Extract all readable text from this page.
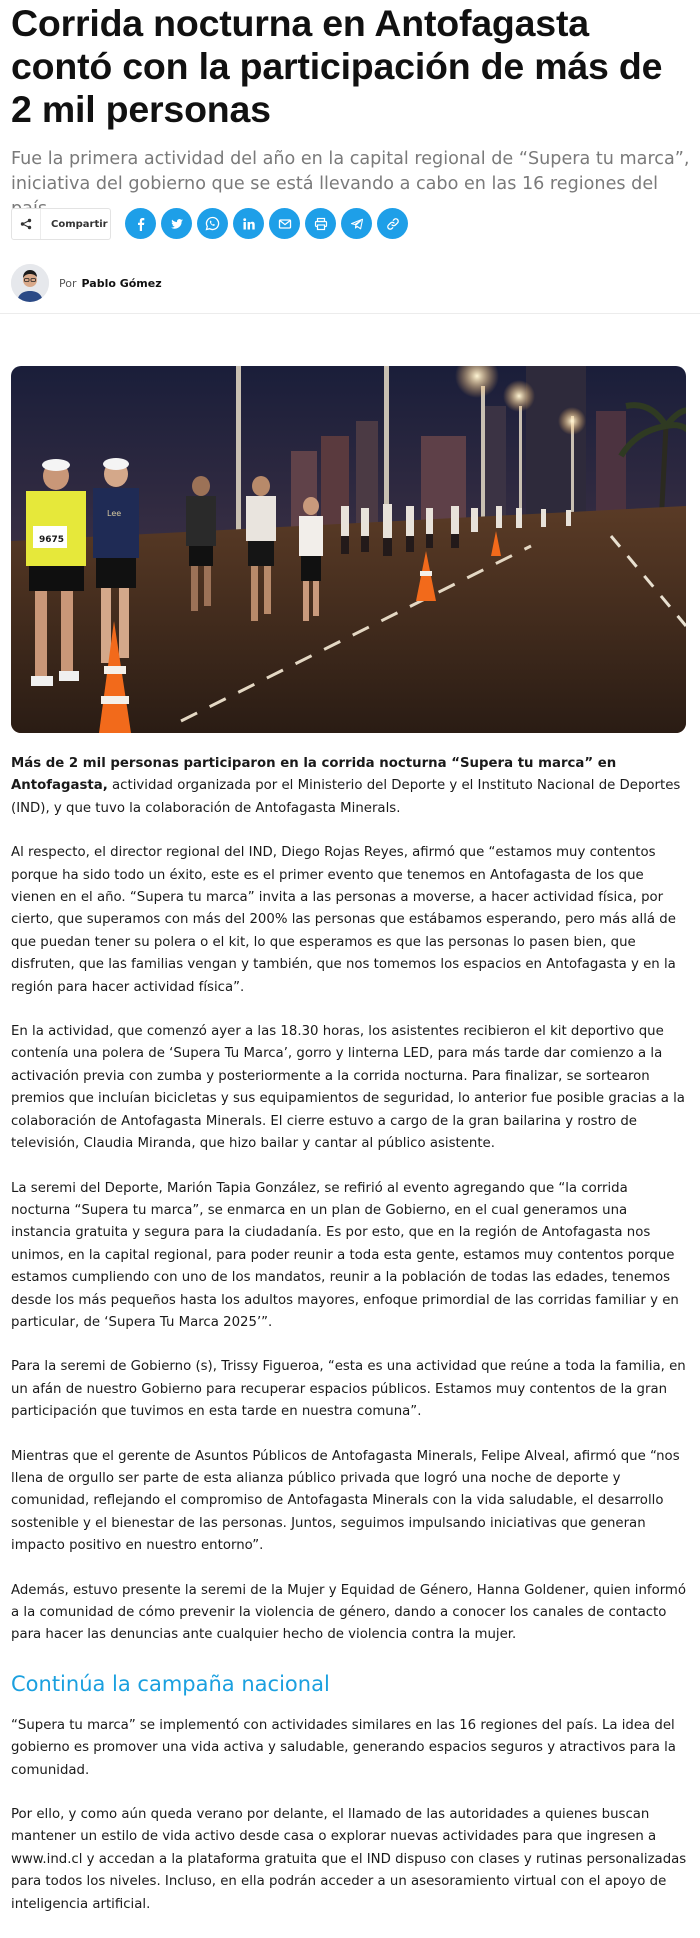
Corrida nocturna en Antofagasta contó con la participación de más de 2 mil personas

Fue la primera actividad del año en la capital regional de “Supera tu marca”, iniciativa del gobierno que se está llevando a cabo en las 16 regiones del

Compartir
Por Pablo Gómez
9675
Lee

Más de 2 mil personas participaron en la corrida nocturna “Supera tu marca” en Antofagasta, actividad organizada por el Ministerio del Deporte y el Instituto Nacional de Deportes (IND), y que tuvo la colaboración de Antofagasta Minerals.

Al respecto, el director regional del IND, Diego Rojas Reyes, afirmó que “estamos muy contentos porque ha sido todo un éxito, este es el primer evento que tenemos en Antofagasta de los que vienen en el año. “Supera tu marca” invita a las personas a moverse, a hacer actividad física, por cierto, que superamos con más del 200% las personas que estábamos esperando, pero más allá de que puedan tener su polera o el kit, lo que esperamos es que las personas lo pasen bien, que disfruten, que las familias vengan y también, que nos tomemos los espacios en Antofagasta y en la región para hacer actividad física”.

En la actividad, que comenzó ayer a las 18.30 horas, los asistentes recibieron el kit deportivo que contenía una polera de ‘Supera Tu Marca’, gorro y linterna LED, para más tarde dar comienzo a la activación previa con zumba y posteriormente a la corrida nocturna. Para finalizar, se sortearon premios que incluían bicicletas y sus equipamientos de seguridad, lo anterior fue posible gracias a la colaboración de Antofagasta Minerals. El cierre estuvo a cargo de la gran bailarina y rostro de televisión, Claudia Miranda, que hizo bailar y cantar al público asistente.

La seremi del Deporte, Marión Tapia González, se refirió al evento agregando que “la corrida nocturna “Supera tu marca”, se enmarca en un plan de Gobierno, en el cual generamos una instancia gratuita y segura para la ciudadanía. Es por esto, que en la región de Antofagasta nos unimos, en la capital regional, para poder reunir a toda esta gente, estamos muy contentos porque estamos cumpliendo con uno de los mandatos, reunir a la población de todas las edades, tenemos desde los más pequeños hasta los adultos mayores, enfoque primordial de las corridas familiar y en particular, de ‘Supera Tu Marca 2025’”.

Para la seremi de Gobierno (s), Trissy Figueroa, “esta es una actividad que reúne a toda la familia, en un afán de nuestro Gobierno para recuperar espacios públicos. Estamos muy contentos de la gran participación que tuvimos en esta tarde en nuestra comuna”.

Mientras que el gerente de Asuntos Públicos de Antofagasta Minerals, Felipe Alveal, afirmó que “nos llena de orgullo ser parte de esta alianza público privada que logró una noche de deporte y comunidad, reflejando el compromiso de Antofagasta Minerals con la vida saludable, el desarrollo sostenible y el bienestar de las personas. Juntos, seguimos impulsando iniciativas que generan impacto positivo en nuestro entorno”.

Además, estuvo presente la seremi de la Mujer y Equidad de Género, Hanna Goldener, quien informó a la comunidad de cómo prevenir la violencia de género, dando a conocer los canales de contacto para hacer las denuncias ante cualquier hecho de violencia contra la mujer.

Continúa la campaña nacional

“Supera tu marca” se implementó con actividades similares en las 16 regiones del país. La idea del gobierno es promover una vida activa y saludable, generando espacios seguros y atractivos para la comunidad.

Por ello, y como aún queda verano por delante, el llamado de las autoridades a quienes buscan mantener un estilo de vida activo desde casa o explorar nuevas actividades para que ingresen a www.ind.cl y accedan a la plataforma gratuita que el IND dispuso con clases y rutinas personalizadas para todos los niveles. Incluso, en ella podrán acceder a un asesoramiento virtual con el apoyo de inteligencia artificial.
